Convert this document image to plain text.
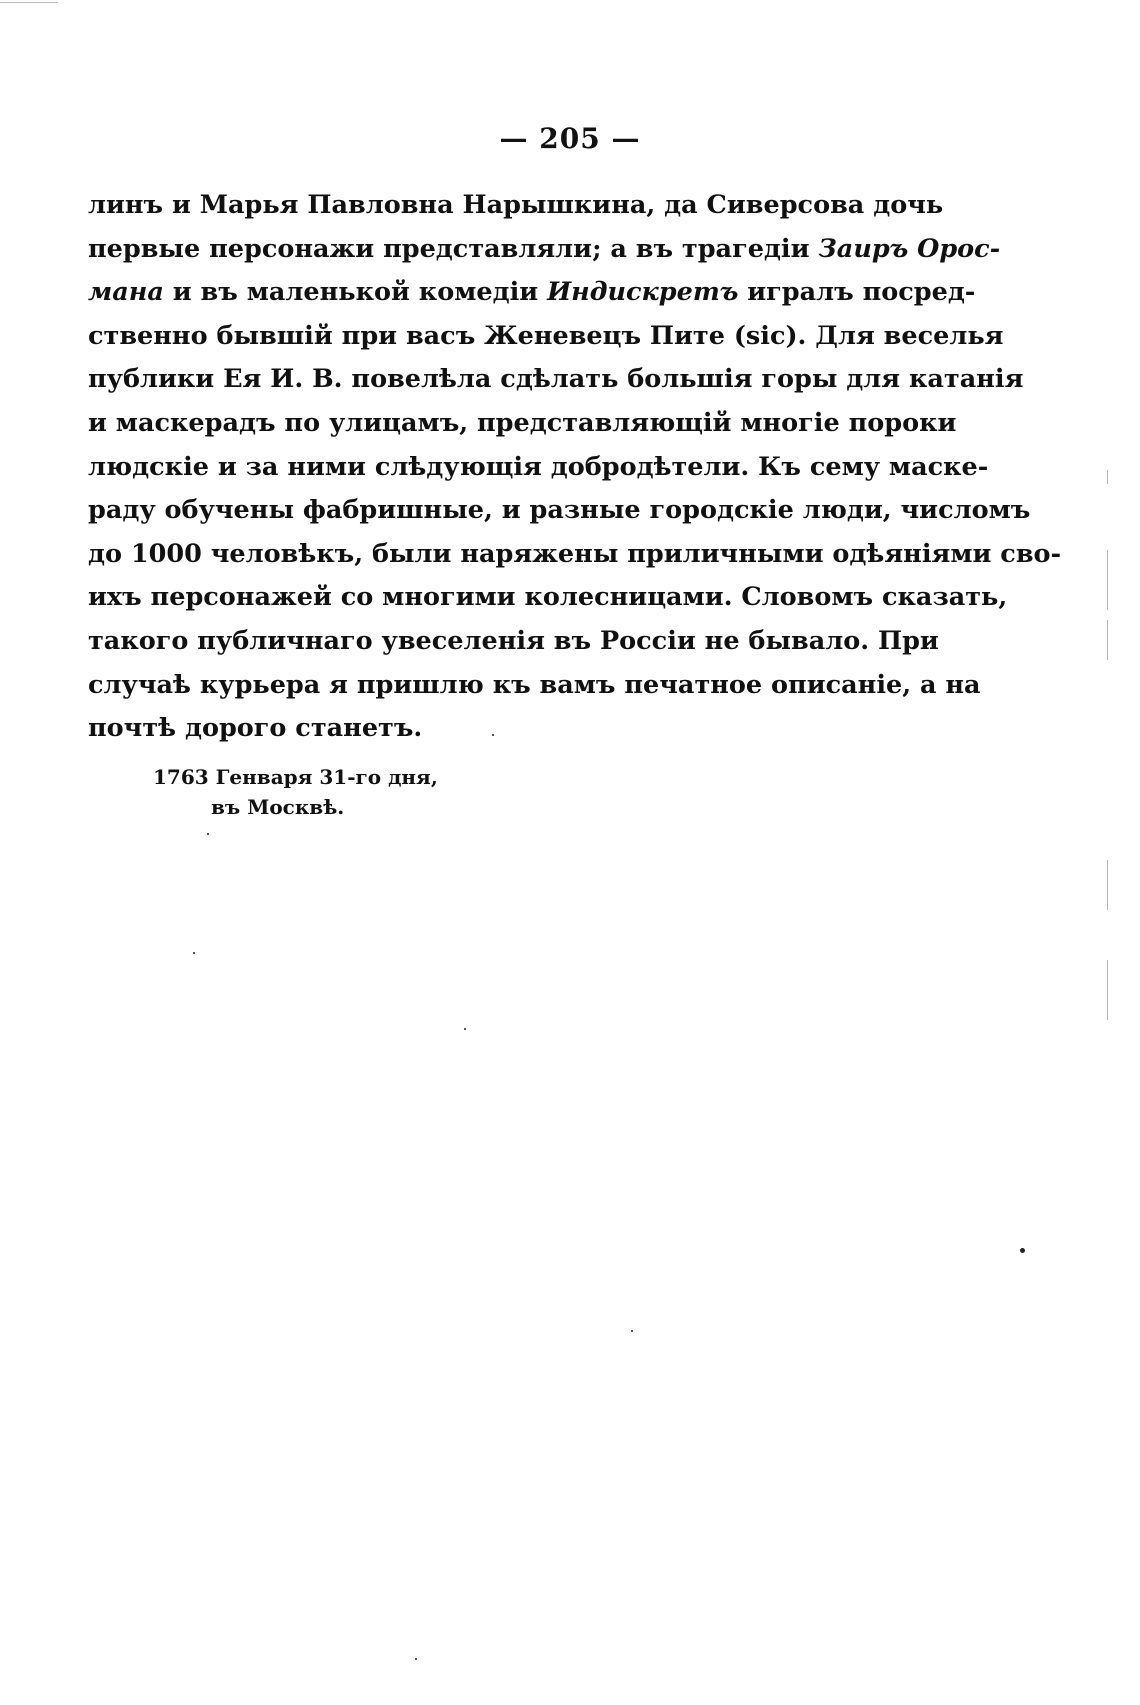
— 205 —
линъ и Марья Павловна Нарышкина, да Сиверсова дочь
первые персонажи представляли; а въ трагедіи Заиръ Орос-
мана и въ маленькой комедіи Индискретъ игралъ посред-
ственно бывшій при васъ Женевецъ Пите (sic). Для веселья
публики Ея И. В. повелѣла сдѣлать большія горы для катанія
и маскерадъ по улицамъ, представляющій многіе пороки
людскіе и за ними слѣдующія добродѣтели. Къ сему маске-
раду обучены фабришные, и разные городскіе люди, числомъ
до 1000 человѣкъ, были наряжены приличными одѣяніями сво-
ихъ персонажей со многими колесницами. Словомъ сказать,
такого публичнаго увеселенія въ Россіи не бывало. При
случаѣ курьера я пришлю къ вамъ печатное описаніе, а на
почтѣ дорого станетъ.
1763 Генваря 31-го дня,
въ Москвѣ.
